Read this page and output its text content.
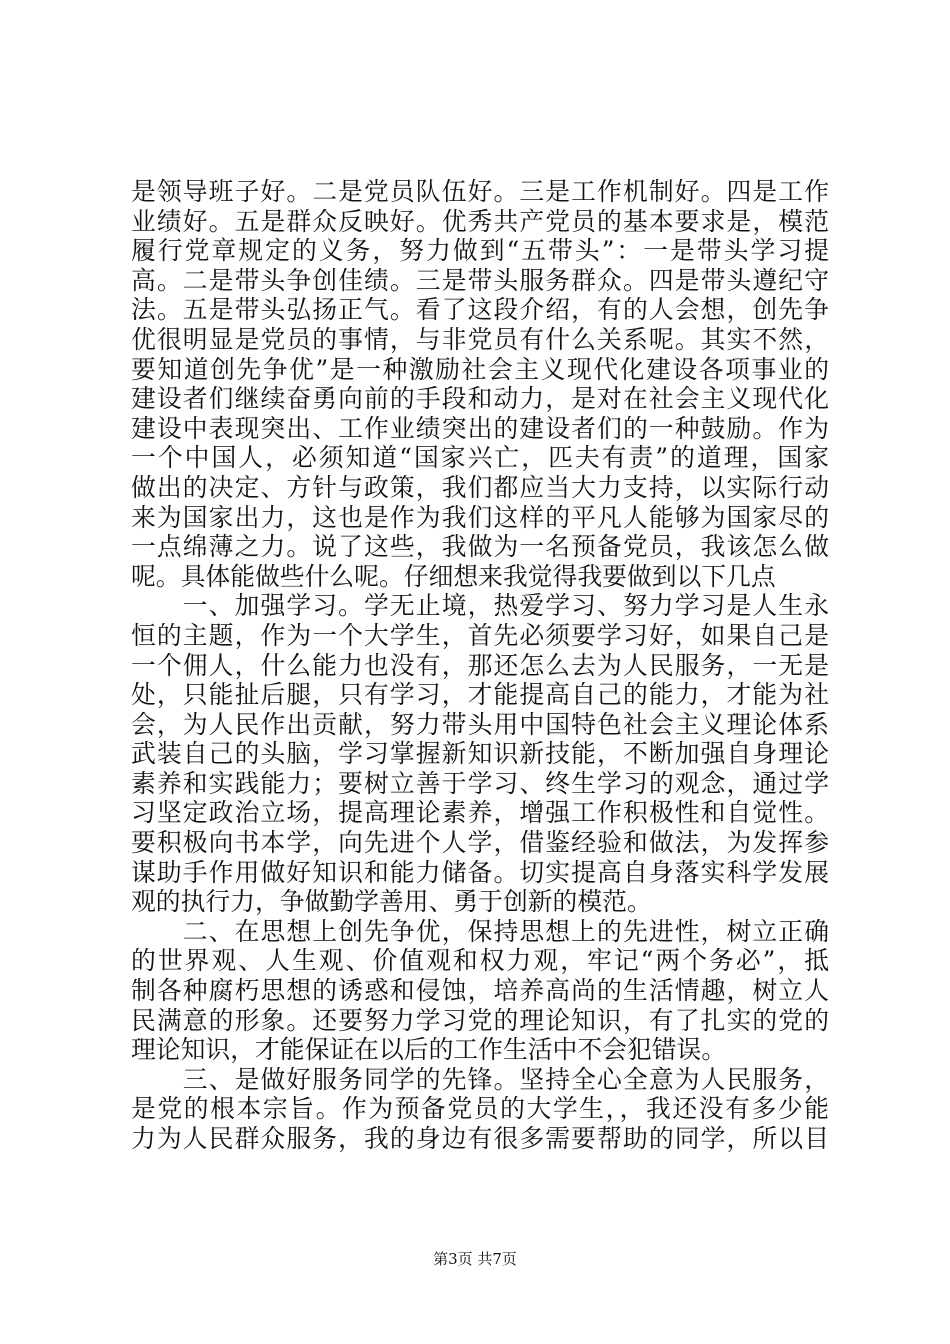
是领导班子好。二是党员队伍好。三是工作机制好。四是工作
业绩好。五是群众反映好。优秀共产党员的基本要求是，模范
履行党章规定的义务，努力做到“五带头”：一是带头学习提
高。二是带头争创佳绩。三是带头服务群众。四是带头遵纪守
法。五是带头弘扬正气。看了这段介绍，有的人会想，创先争
优很明显是党员的事情，与非党员有什么关系呢。其实不然，
要知道创先争优”是一种激励社会主义现代化建设各项事业的
建设者们继续奋勇向前的手段和动力，是对在社会主义现代化
建设中表现突出、工作业绩突出的建设者们的一种鼓励。作为
一个中国人，必须知道“国家兴亡，匹夫有责”的道理，国家
做出的决定、方针与政策，我们都应当大力支持，以实际行动
来为国家出力，这也是作为我们这样的平凡人能够为国家尽的
一点绵薄之力。说了这些，我做为一名预备党员，我该怎么做
呢。具体能做些什么呢。仔细想来我觉得我要做到以下几点
　　一、加强学习。学无止境，热爱学习、努力学习是人生永
恒的主题，作为一个大学生，首先必须要学习好，如果自己是
一个佣人，什么能力也没有，那还怎么去为人民服务，一无是
处，只能扯后腿，只有学习，才能提高自己的能力，才能为社
会，为人民作出贡献，努力带头用中国特色社会主义理论体系
武装自己的头脑，学习掌握新知识新技能，不断加强自身理论
素养和实践能力；要树立善于学习、终生学习的观念，通过学
习坚定政治立场，提高理论素养，增强工作积极性和自觉性。
要积极向书本学，向先进个人学，借鉴经验和做法，为发挥参
谋助手作用做好知识和能力储备。切实提高自身落实科学发展
观的执行力，争做勤学善用、勇于创新的模范。
　　二、在思想上创先争优，保持思想上的先进性，树立正确
的世界观、人生观、价值观和权力观，牢记“两个务必”，抵
制各种腐朽思想的诱惑和侵蚀，培养高尚的生活情趣，树立人
民满意的形象。还要努力学习党的理论知识，有了扎实的党的
理论知识，才能保证在以后的工作生活中不会犯错误。
　　三、是做好服务同学的先锋。坚持全心全意为人民服务，
是党的根本宗旨。作为预备党员的大学生，，我还没有多少能
力为人民群众服务，我的身边有很多需要帮助的同学，所以目
第3页 共7页
